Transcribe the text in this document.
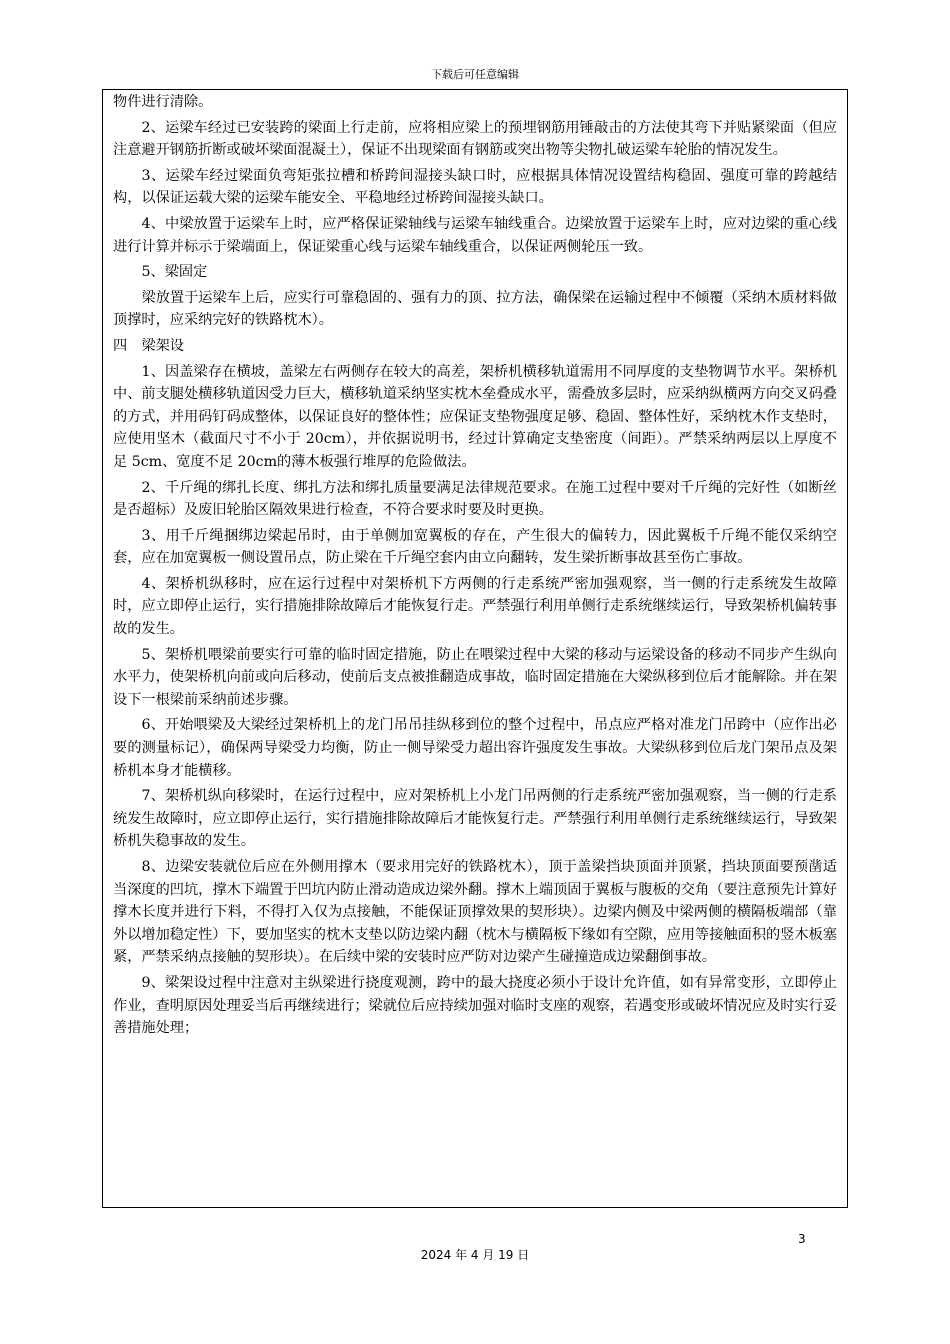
下载后可任意编辑

物件进行清除。

2、运梁车经过已安装跨的梁面上行走前，应将相应梁上的预埋钢筋用锤敲击的方法使其弯下并贴紧梁面（但应注意避开钢筋折断或破坏梁面混凝土），保证不出现梁面有钢筋或突出物等尖物扎破运梁车轮胎的情况发生。

3、运梁车经过梁面负弯矩张拉槽和桥跨间湿接头缺口时，应根据具体情况设置结构稳固、强度可靠的跨越结构，以保证运载大梁的运梁车能安全、平稳地经过桥跨间湿接头缺口。

4、中梁放置于运梁车上时，应严格保证梁轴线与运梁车轴线重合。边梁放置于运梁车上时，应对边梁的重心线进行计算并标示于梁端面上，保证梁重心线与运梁车轴线重合，以保证两侧轮压一致。

5、梁固定

梁放置于运梁车上后，应实行可靠稳固的、强有力的顶、拉方法，确保梁在运输过程中不倾覆（采纳木质材料做顶撑时，应采纳完好的铁路枕木）。

四　梁架设

1、因盖梁存在横坡，盖梁左右两侧存在较大的高差，架桥机横移轨道需用不同厚度的支垫物调节水平。架桥机中、前支腿处横移轨道因受力巨大，横移轨道采纳坚实枕木垒叠成水平，需叠放多层时，应采纳纵横两方向交叉码叠的方式，并用码钉码成整体，以保证良好的整体性；应保证支垫物强度足够、稳固、整体性好，采纳枕木作支垫时，应使用坚木（截面尺寸不小于 20cm），并依据说明书，经过计算确定支垫密度（间距）。严禁采纳两层以上厚度不足 5cm、宽度不足 20cm的薄木板强行堆厚的危险做法。

2、千斤绳的绑扎长度、绑扎方法和绑扎质量要满足法律规范要求。在施工过程中要对千斤绳的完好性（如断丝是否超标）及废旧轮胎区隔效果进行检查，不符合要求时要及时更换。

3、用千斤绳捆绑边梁起吊时，由于单侧加宽翼板的存在，产生很大的偏转力，因此翼板千斤绳不能仅采纳空套，应在加宽翼板一侧设置吊点，防止梁在千斤绳空套内由立向翻转，发生梁折断事故甚至伤亡事故。

4、架桥机纵移时，应在运行过程中对架桥机下方两侧的行走系统严密加强观察，当一侧的行走系统发生故障时，应立即停止运行，实行措施排除故障后才能恢复行走。严禁强行利用单侧行走系统继续运行，导致架桥机偏转事故的发生。

5、架桥机喂梁前要实行可靠的临时固定措施，防止在喂梁过程中大梁的移动与运梁设备的移动不同步产生纵向水平力，使架桥机向前或向后移动，使前后支点被推翻造成事故，临时固定措施在大梁纵移到位后才能解除。并在架设下一根梁前采纳前述步骤。

6、开始喂梁及大梁经过架桥机上的龙门吊吊挂纵移到位的整个过程中，吊点应严格对准龙门吊跨中（应作出必要的测量标记），确保两导梁受力均衡，防止一侧导梁受力超出容许强度发生事故。大梁纵移到位后龙门架吊点及架桥机本身才能横移。

7、架桥机纵向移梁时，在运行过程中，应对架桥机上小龙门吊两侧的行走系统严密加强观察，当一侧的行走系统发生故障时，应立即停止运行，实行措施排除故障后才能恢复行走。严禁强行利用单侧行走系统继续运行，导致架桥机失稳事故的发生。

8、边梁安装就位后应在外侧用撑木（要求用完好的铁路枕木），顶于盖梁挡块顶面并顶紧，挡块顶面要预凿适当深度的凹坑，撑木下端置于凹坑内防止滑动造成边梁外翻。撑木上端顶固于翼板与腹板的交角（要注意预先计算好撑木长度并进行下料，不得打入仅为点接触，不能保证顶撑效果的契形块）。边梁内侧及中梁两侧的横隔板端部（靠外以增加稳定性）下，要加坚实的枕木支垫以防边梁内翻（枕木与横隔板下缘如有空隙，应用等接触面积的竖木板塞紧，严禁采纳点接触的契形块）。在后续中梁的安装时应严防对边梁产生碰撞造成边梁翻倒事故。

9、梁架设过程中注意对主纵梁进行挠度观测，跨中的最大挠度必须小于设计允许值，如有异常变形，立即停止作业，查明原因处理妥当后再继续进行；梁就位后应持续加强对临时支座的观察，若遇变形或破坏情况应及时实行妥善措施处理；

3
2024 年 4 月 19 日
